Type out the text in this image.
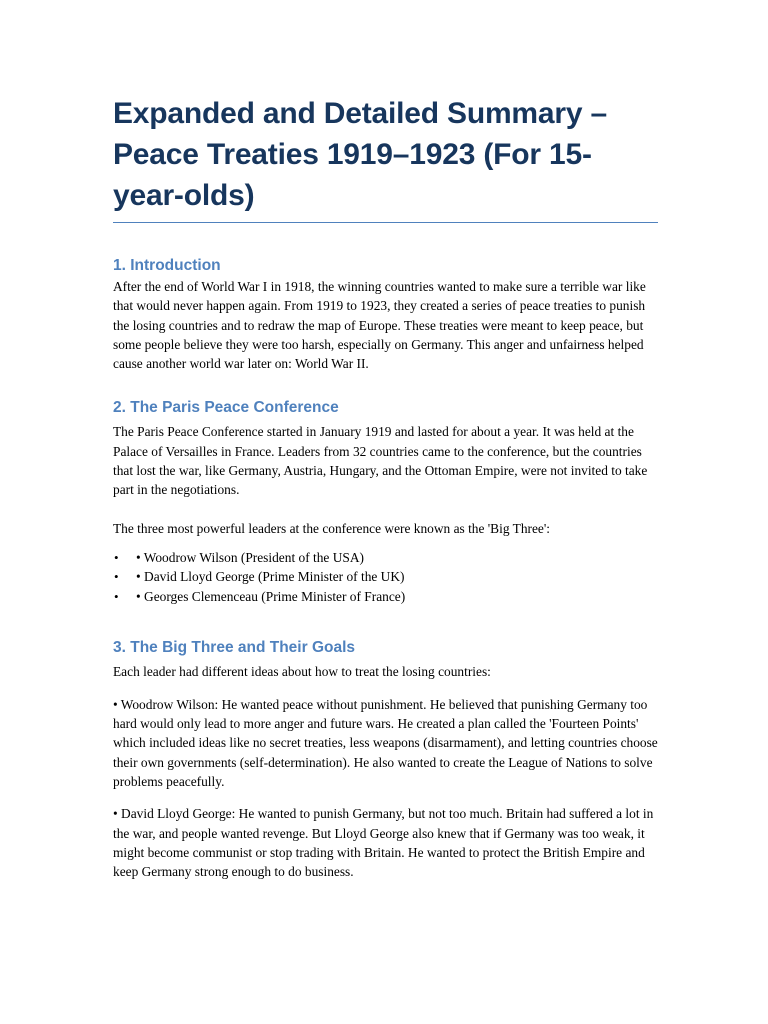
Expanded and Detailed Summary – Peace Treaties 1919–1923 (For 15-year-olds)
1. Introduction

After the end of World War I in 1918, the winning countries wanted to make sure a terrible war like that would never happen again. From 1919 to 1923, they created a series of peace treaties to punish the losing countries and to redraw the map of Europe. These treaties were meant to keep peace, but some people believe they were too harsh, especially on Germany. This anger and unfairness helped cause another world war later on: World War II.

2. The Paris Peace Conference

The Paris Peace Conference started in January 1919 and lasted for about a year. It was held at the Palace of Versailles in France. Leaders from 32 countries came to the conference, but the countries that lost the war, like Germany, Austria, Hungary, and the Ottoman Empire, were not invited to take part in the negotiations.

The three most powerful leaders at the conference were known as the 'Big Three':

• • Woodrow Wilson (President of the USA)
• • David Lloyd George (Prime Minister of the UK)
• • Georges Clemenceau (Prime Minister of France)
3. The Big Three and Their Goals

Each leader had different ideas about how to treat the losing countries:

• Woodrow Wilson: He wanted peace without punishment. He believed that punishing Germany too hard would only lead to more anger and future wars. He created a plan called the 'Fourteen Points' which included ideas like no secret treaties, less weapons (disarmament), and letting countries choose their own governments (self-determination). He also wanted to create the League of Nations to solve problems peacefully.

• David Lloyd George: He wanted to punish Germany, but not too much. Britain had suffered a lot in the war, and people wanted revenge. But Lloyd George also knew that if Germany was too weak, it might become communist or stop trading with Britain. He wanted to protect the British Empire and keep Germany strong enough to do business.
